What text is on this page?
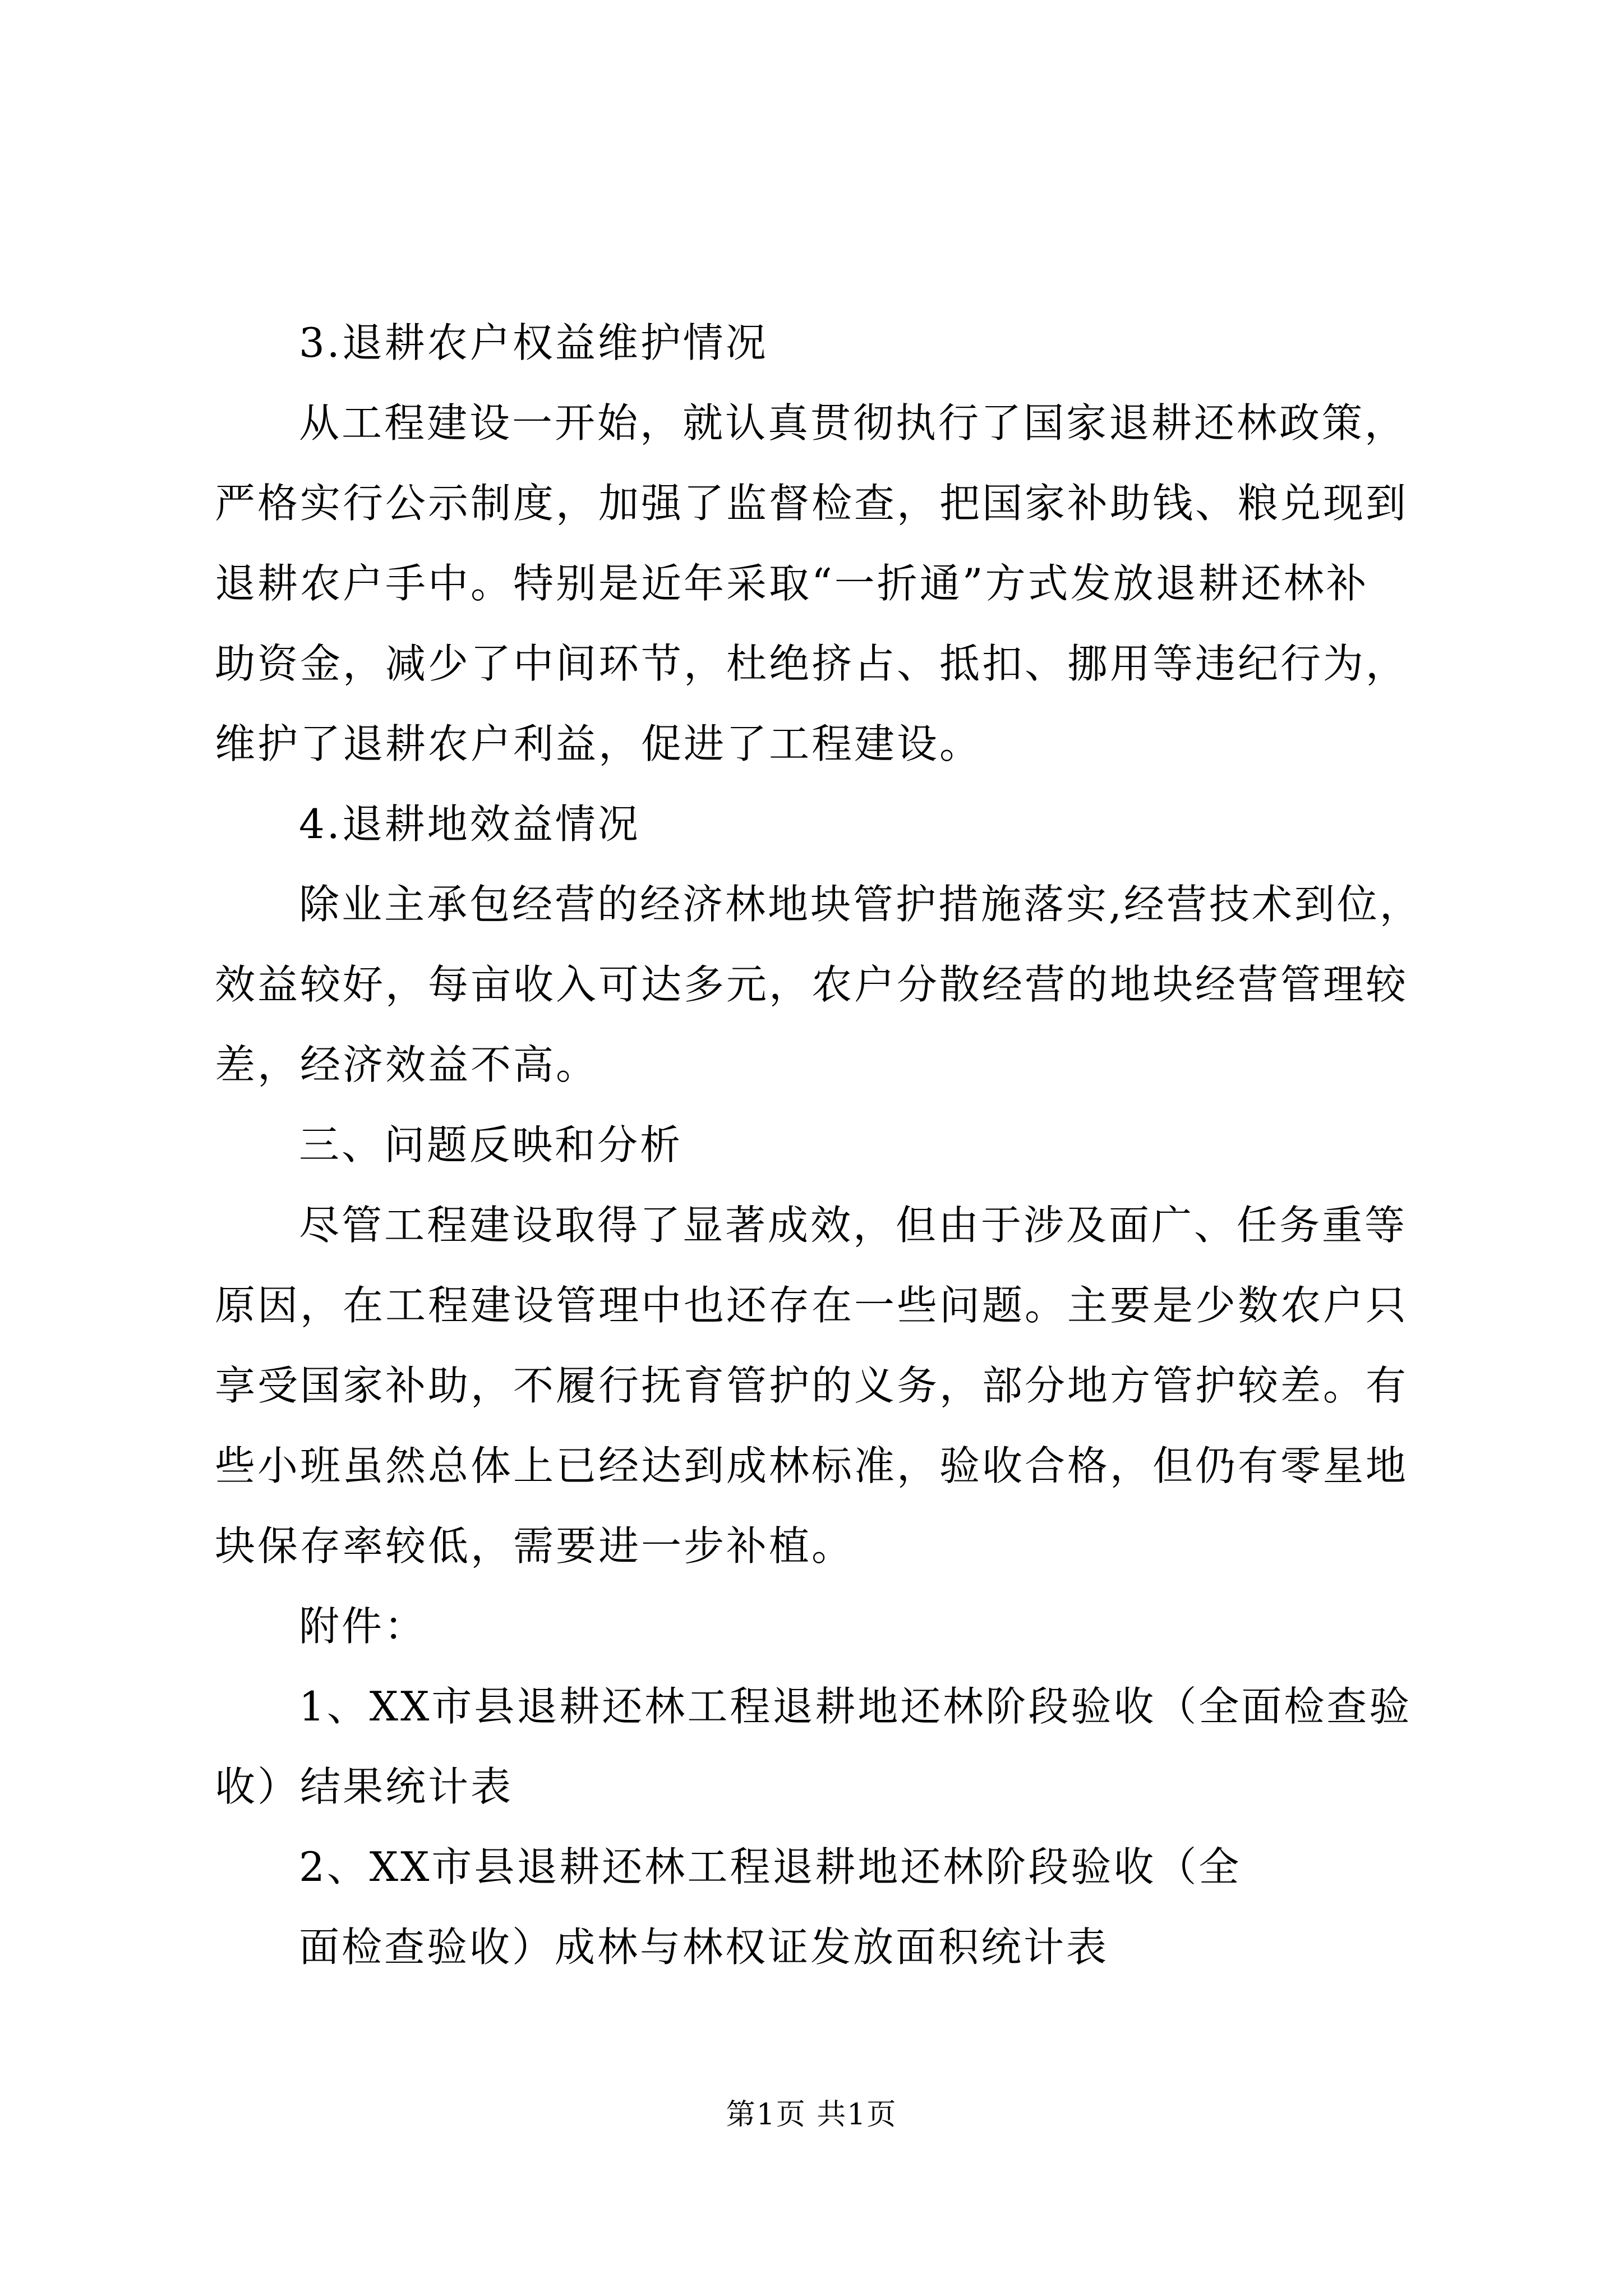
3.退耕农户权益维护情况
从工程建设一开始，就认真贯彻执行了国家退耕还林政策，
严格实行公示制度，加强了监督检查，把国家补助钱、粮兑现到
退耕农户手中。特别是近年采取“一折通”方式发放退耕还林补
助资金，减少了中间环节，杜绝挤占、抵扣、挪用等违纪行为，
维护了退耕农户利益，促进了工程建设。
4.退耕地效益情况
除业主承包经营的经济林地块管护措施落实,经营技术到位，
效益较好，每亩收入可达多元，农户分散经营的地块经营管理较
差，经济效益不高。
三、问题反映和分析
尽管工程建设取得了显著成效，但由于涉及面广、任务重等
原因，在工程建设管理中也还存在一些问题。主要是少数农户只
享受国家补助，不履行抚育管护的义务，部分地方管护较差。有
些小班虽然总体上已经达到成林标准，验收合格，但仍有零星地
块保存率较低，需要进一步补植。
附件：
1、XX市县退耕还林工程退耕地还林阶段验收（全面检查验
收）结果统计表
2、XX市县退耕还林工程退耕地还林阶段验收（全
面检查验收）成林与林权证发放面积统计表
第1页 共1页
